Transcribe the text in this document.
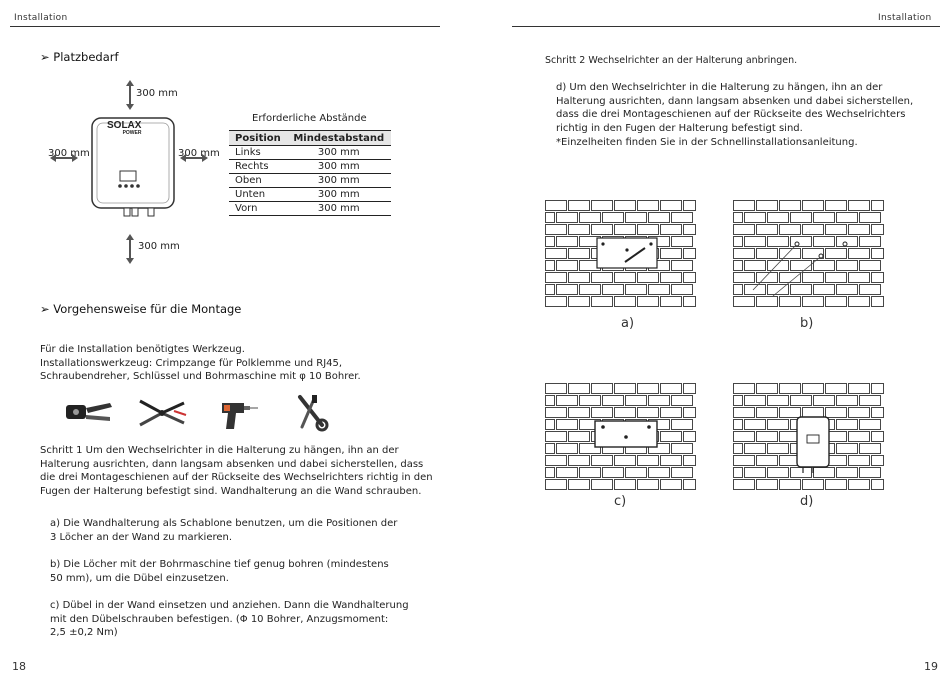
Installation	Installation
➢ Platzbedarf
SOLAX
POWER
300 mm
300 mm	300 mm
300 mm
Erforderliche Abstände
Position	Mindestabstand
Links	300 mm
Rechts	300 mm
Oben	300 mm
Unten	300 mm
Vorn	300 mm
➢ Vorgehensweise für die Montage
Für die Installation benötigtes Werkzeug.
Installationswerkzeug: Crimpzange für Polklemme und RJ45,
Schraubendreher, Schlüssel und Bohrmaschine mit φ 10 Bohrer.
Schritt 1 Um den Wechselrichter in die Halterung zu hängen, ihn an der
Halterung ausrichten, dann langsam absenken und dabei sicherstellen, dass
die drei Montageschienen auf der Rückseite des Wechselrichters richtig in den
Fugen der Halterung befestigt sind. Wandhalterung an die Wand schrauben.
a) Die Wandhalterung als Schablone benutzen, um die Positionen der
3 Löcher an der Wand zu markieren.
b) Die Löcher mit der Bohrmaschine tief genug bohren (mindestens
50 mm), um die Dübel einzusetzen.
c) Dübel in der Wand einsetzen und anziehen. Dann die Wandhalterung
mit den Dübelschrauben befestigen. (Φ 10 Bohrer, Anzugsmoment:
2,5 ±0,2 Nm)
18
Schritt 2 Wechselrichter an der Halterung anbringen.
d) Um den Wechselrichter in die Halterung zu hängen, ihn an der
Halterung ausrichten, dann langsam absenken und dabei sicherstellen,
dass die drei Montageschienen auf der Rückseite des Wechselrichters
richtig in den Fugen der Halterung befestigt sind.
*Einzelheiten finden Sie in der Schnellinstallationsanleitung.
a)	b)
c)	d)
19
